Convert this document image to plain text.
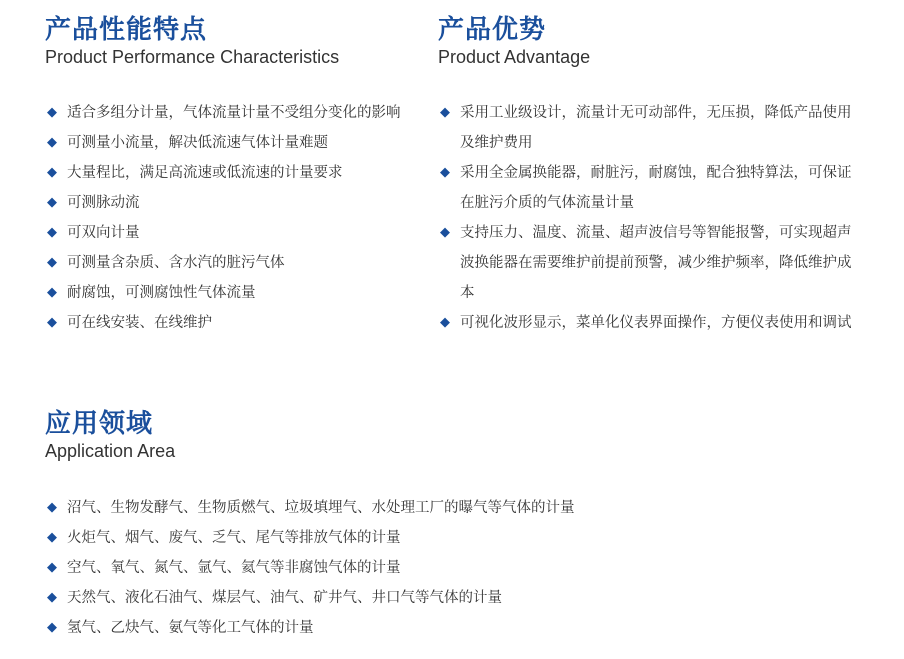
产品性能特点

Product Performance Characteristics

◆ 适合多组分计量，气体流量计量不受组分变化的影响
◆ 可测量小流量，解决低流速气体计量难题
◆ 大量程比，满足高流速或低流速的计量要求
◆ 可测脉动流
◆ 可双向计量
◆ 可测量含杂质、含水汽的脏污气体
◆ 耐腐蚀，可测腐蚀性气体流量
◆ 可在线安装、在线维护
产品优势

Product Advantage

◆ 采用工业级设计，流量计无可动部件，无压损，降低产品使用及维护费用
◆ 采用全金属换能器，耐脏污，耐腐蚀，配合独特算法，可保证在脏污介质的气体流量计量
◆ 支持压力、温度、流量、超声波信号等智能报警，可实现超声波换能器在需要维护前提前预警，减少维护频率，降低维护成本
◆ 可视化波形显示，菜单化仪表界面操作，方便仪表使用和调试
应用领域

Application Area

◆ 沼气、生物发酵气、生物质燃气、垃圾填埋气、水处理工厂的曝气等气体的计量
◆ 火炬气、烟气、废气、乏气、尾气等排放气体的计量
◆ 空气、氧气、氮气、氩气、氦气等非腐蚀气体的计量
◆ 天然气、液化石油气、煤层气、油气、矿井气、井口气等气体的计量
◆ 氢气、乙炔气、氨气等化工气体的计量
